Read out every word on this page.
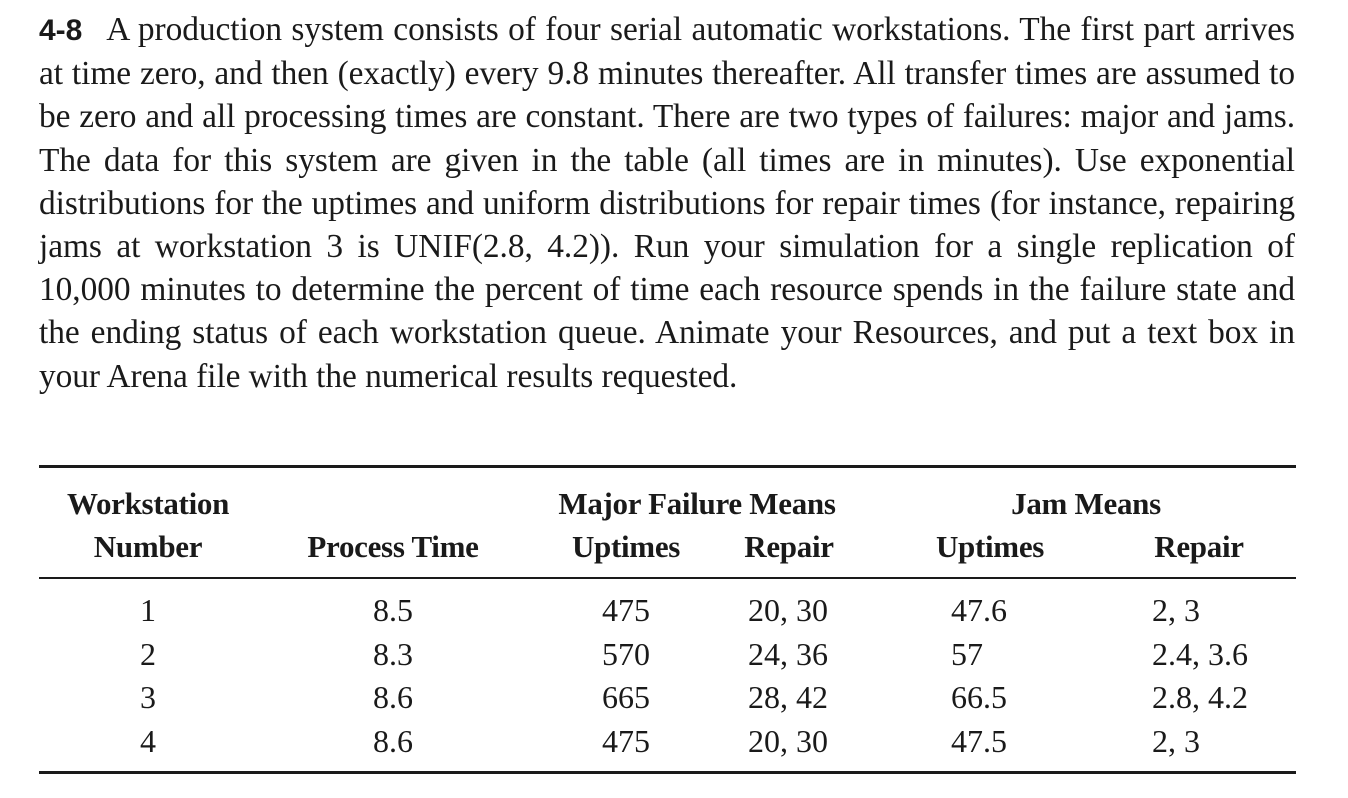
4-8 A production system consists of four serial automatic workstations. The first part arrives at time zero, and then (exactly) every 9.8 minutes thereafter. All transfer times are assumed to be zero and all processing times are constant. There are two types of failures: major and jams. The data for this system are given in the table (all times are in minutes). Use exponential distributions for the uptimes and uniform distributions for repair times (for instance, repairing jams at workstation 3 is UNIF(2.8, 4.2)). Run your simulation for a single replication of 10,000 minutes to determine the percent of time each resource spends in the failure state and the ending status of each workstation queue. Animate your Resources, and put a text box in your Arena file with the numerical results requested.
Workstation
Number	Process Time
Major Failure Means
Uptimes Repair
Jam Means
Uptimes	Repair
1	8.5	475	20, 30	47.6	2, 3
2	8.3	570	24, 36	57	2.4, 3.6
3	8.6	665	28, 42	66.5	2.8, 4.2
4	8.6	475	20, 30	47.5	2, 3
